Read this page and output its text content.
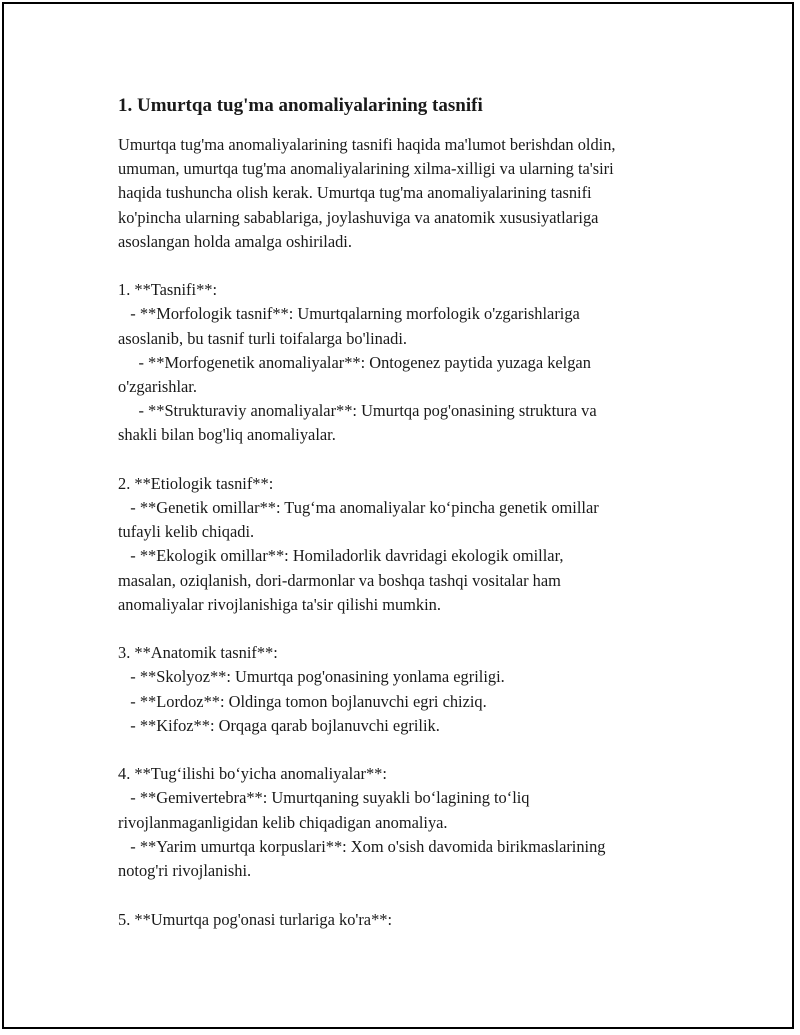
1. Umurtqa tug'ma anomaliyalarining tasnifi

Umurtqa tug'ma anomaliyalarining tasnifi haqida ma'lumot berishdan oldin,
umuman, umurtqa tug'ma anomaliyalarining xilma-xilligi va ularning ta'siri
haqida tushuncha olish kerak. Umurtqa tug'ma anomaliyalarining tasnifi
ko'pincha ularning sabablariga, joylashuviga va anatomik xususiyatlariga
asoslangan holda amalga oshiriladi.

1. **Tasnifi**:
- **Morfologik tasnif**: Umurtqalarning morfologik o'zgarishlariga
asoslanib, bu tasnif turli toifalarga bo'linadi.
- **Morfogenetik anomaliyalar**: Ontogenez paytida yuzaga kelgan
o'zgarishlar.
- **Strukturaviy anomaliyalar**: Umurtqa pog'onasining struktura va
shakli bilan bog'liq anomaliyalar.

2. **Etiologik tasnif**:
- **Genetik omillar**: Tug‘ma anomaliyalar ko‘pincha genetik omillar
tufayli kelib chiqadi.
- **Ekologik omillar**: Homiladorlik davridagi ekologik omillar,
masalan, oziqlanish, dori-darmonlar va boshqa tashqi vositalar ham
anomaliyalar rivojlanishiga ta'sir qilishi mumkin.

3. **Anatomik tasnif**:
- **Skolyoz**: Umurtqa pog'onasining yonlama egriligi.
- **Lordoz**: Oldinga tomon bojlanuvchi egri chiziq.
- **Kifoz**: Orqaga qarab bojlanuvchi egrilik.

4. **Tug‘ilishi bo‘yicha anomaliyalar**:
- **Gemivertebra**: Umurtqaning suyakli bo‘lagining to‘liq
rivojlanmaganligidan kelib chiqadigan anomaliya.
- **Yarim umurtqa korpuslari**: Xom o'sish davomida birikmaslarining
notog'ri rivojlanishi.

5. **Umurtqa pog'onasi turlariga ko'ra**:
